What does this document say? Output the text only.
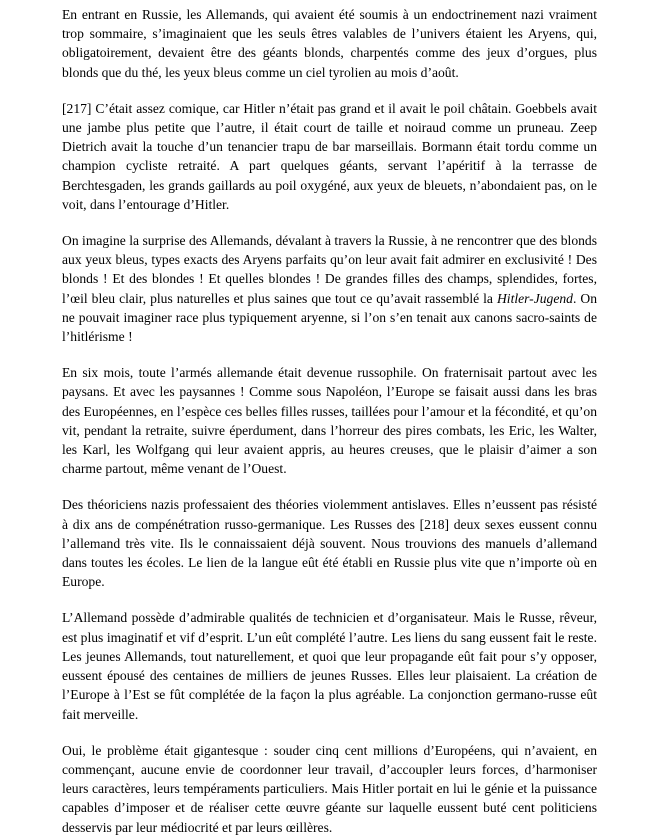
En entrant en Russie, les Allemands, qui avaient été soumis à un endoctrinement nazi vraiment trop sommaire, s’imaginaient que les seuls êtres valables de l’univers étaient les Aryens, qui, obligatoirement, devaient être des géants blonds, charpentés comme des jeux d’orgues, plus blonds que du thé, les yeux bleus comme un ciel tyrolien au mois d’août.

[217] C’était assez comique, car Hitler n’était pas grand et il avait le poil châtain. Goebbels avait une jambe plus petite que l’autre, il était court de taille et noiraud comme un pruneau. Zeep Dietrich avait la touche d’un tenancier trapu de bar marseillais. Bormann était tordu comme un champion cycliste retraité. A part quelques géants, servant l’apéritif à la terrasse de Berchtesgaden, les grands gaillards au poil oxygéné, aux yeux de bleuets, n’abondaient pas, on le voit, dans l’entourage d’Hitler.

On imagine la surprise des Allemands, dévalant à travers la Russie, à ne rencontrer que des blonds aux yeux bleus, types exacts des Aryens parfaits qu’on leur avait fait admirer en exclusivité ! Des blonds ! Et des blondes ! Et quelles blondes ! De grandes filles des champs, splendides, fortes, l’œil bleu clair, plus naturelles et plus saines que tout ce qu’avait rassemblé la Hitler-Jugend. On ne pouvait imaginer race plus typiquement aryenne, si l’on s’en tenait aux canons sacro-saints de l’hitlérisme !

En six mois, toute l’armés allemande était devenue russophile. On fraternisait partout avec les paysans. Et avec les paysannes ! Comme sous Napoléon, l’Europe se faisait aussi dans les bras des Européennes, en l’espèce ces belles filles russes, taillées pour l’amour et la fécondité, et qu’on vit, pendant la retraite, suivre éperdument, dans l’horreur des pires combats, les Eric, les Walter, les Karl, les Wolfgang qui leur avaient appris, au heures creuses, que le plaisir d’aimer a son charme partout, même venant de l’Ouest.

Des théoriciens nazis professaient des théories violemment antislaves. Elles n’eussent pas résisté à dix ans de compénétration russo-germanique. Les Russes des [218] deux sexes eussent connu l’allemand très vite. Ils le connaissaient déjà souvent. Nous trouvions des manuels d’allemand dans toutes les écoles. Le lien de la langue eût été établi en Russie plus vite que n’importe où en Europe.

L’Allemand possède d’admirable qualités de technicien et d’organisateur. Mais le Russe, rêveur, est plus imaginatif et vif d’esprit. L’un eût complété l’autre. Les liens du sang eussent fait le reste. Les jeunes Allemands, tout naturellement, et quoi que leur propagande eût fait pour s’y opposer, eussent épousé des centaines de milliers de jeunes Russes. Elles leur plaisaient. La création de l’Europe à l’Est se fût complétée de la façon la plus agréable. La conjonction germano-russe eût fait merveille.

Oui, le problème était gigantesque : souder cinq cent millions d’Européens, qui n’avaient, en commençant, aucune envie de coordonner leur travail, d’accoupler leurs forces, d’harmoniser leurs caractères, leurs tempéraments particuliers. Mais Hitler portait en lui le génie et la puissance capables d’imposer et de réaliser cette œuvre géante sur laquelle eussent buté cent politiciens desservis par leur médiocrité et par leurs œillères.
